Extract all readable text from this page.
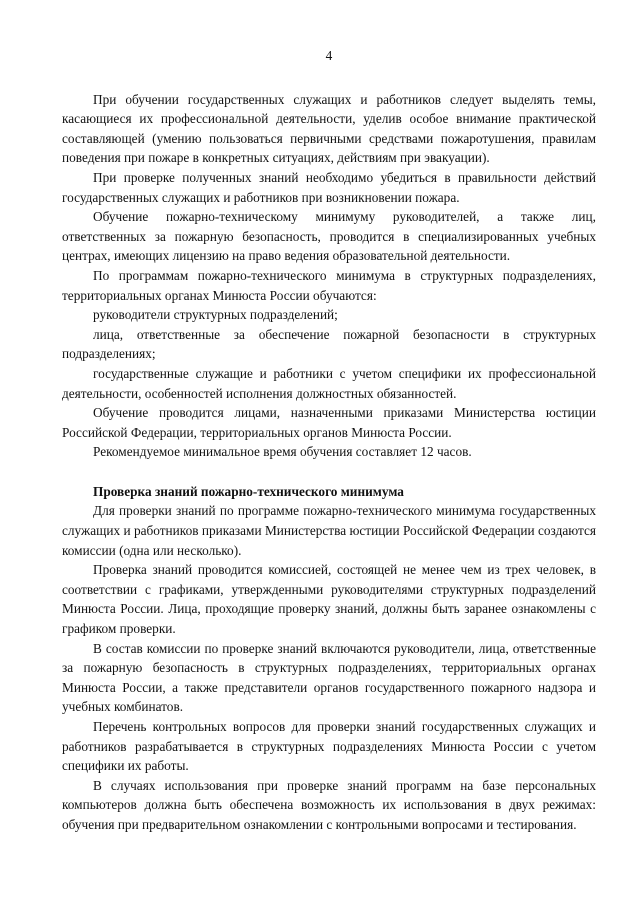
4

При обучении государственных служащих и работников следует выделять темы, касающиеся их профессиональной деятельности, уделив особое внимание практической составляющей (умению пользоваться первичными средствами пожаротушения, правилам поведения при пожаре в конкретных ситуациях, действиям при эвакуации).

При проверке полученных знаний необходимо убедиться в правильности действий государственных служащих и работников при возникновении пожара.

Обучение пожарно-техническому минимуму руководителей, а также лиц, ответственных за пожарную безопасность, проводится в специализированных учебных центрах, имеющих лицензию на право ведения образовательной деятельности.

По программам пожарно-технического минимума в структурных подразделениях, территориальных органах Минюста России обучаются:

руководители структурных подразделений;

лица, ответственные за обеспечение пожарной безопасности в структурных подразделениях;

государственные служащие и работники с учетом специфики их профессиональной деятельности, особенностей исполнения должностных обязанностей.

Обучение проводится лицами, назначенными приказами Министерства юстиции Российской Федерации, территориальных органов Минюста России.

Рекомендуемое минимальное время обучения составляет 12 часов.

Проверка знаний пожарно-технического минимума

Для проверки знаний по программе пожарно-технического минимума государственных служащих и работников приказами Министерства юстиции Российской Федерации создаются комиссии (одна или несколько).

Проверка знаний проводится комиссией, состоящей не менее чем из трех человек, в соответствии с графиками, утвержденными руководителями структурных подразделений Минюста России. Лица, проходящие проверку знаний, должны быть заранее ознакомлены с графиком проверки.

В состав комиссии по проверке знаний включаются руководители, лица, ответственные за пожарную безопасность в структурных подразделениях, территориальных органах Минюста России, а также представители органов государственного пожарного надзора и учебных комбинатов.

Перечень контрольных вопросов для проверки знаний государственных служащих и работников разрабатывается в структурных подразделениях Минюста России с учетом специфики их работы.

В случаях использования при проверке знаний программ на базе персональных компьютеров должна быть обеспечена возможность их использования в двух режимах: обучения при предварительном ознакомлении с контрольными вопросами и тестирования.
